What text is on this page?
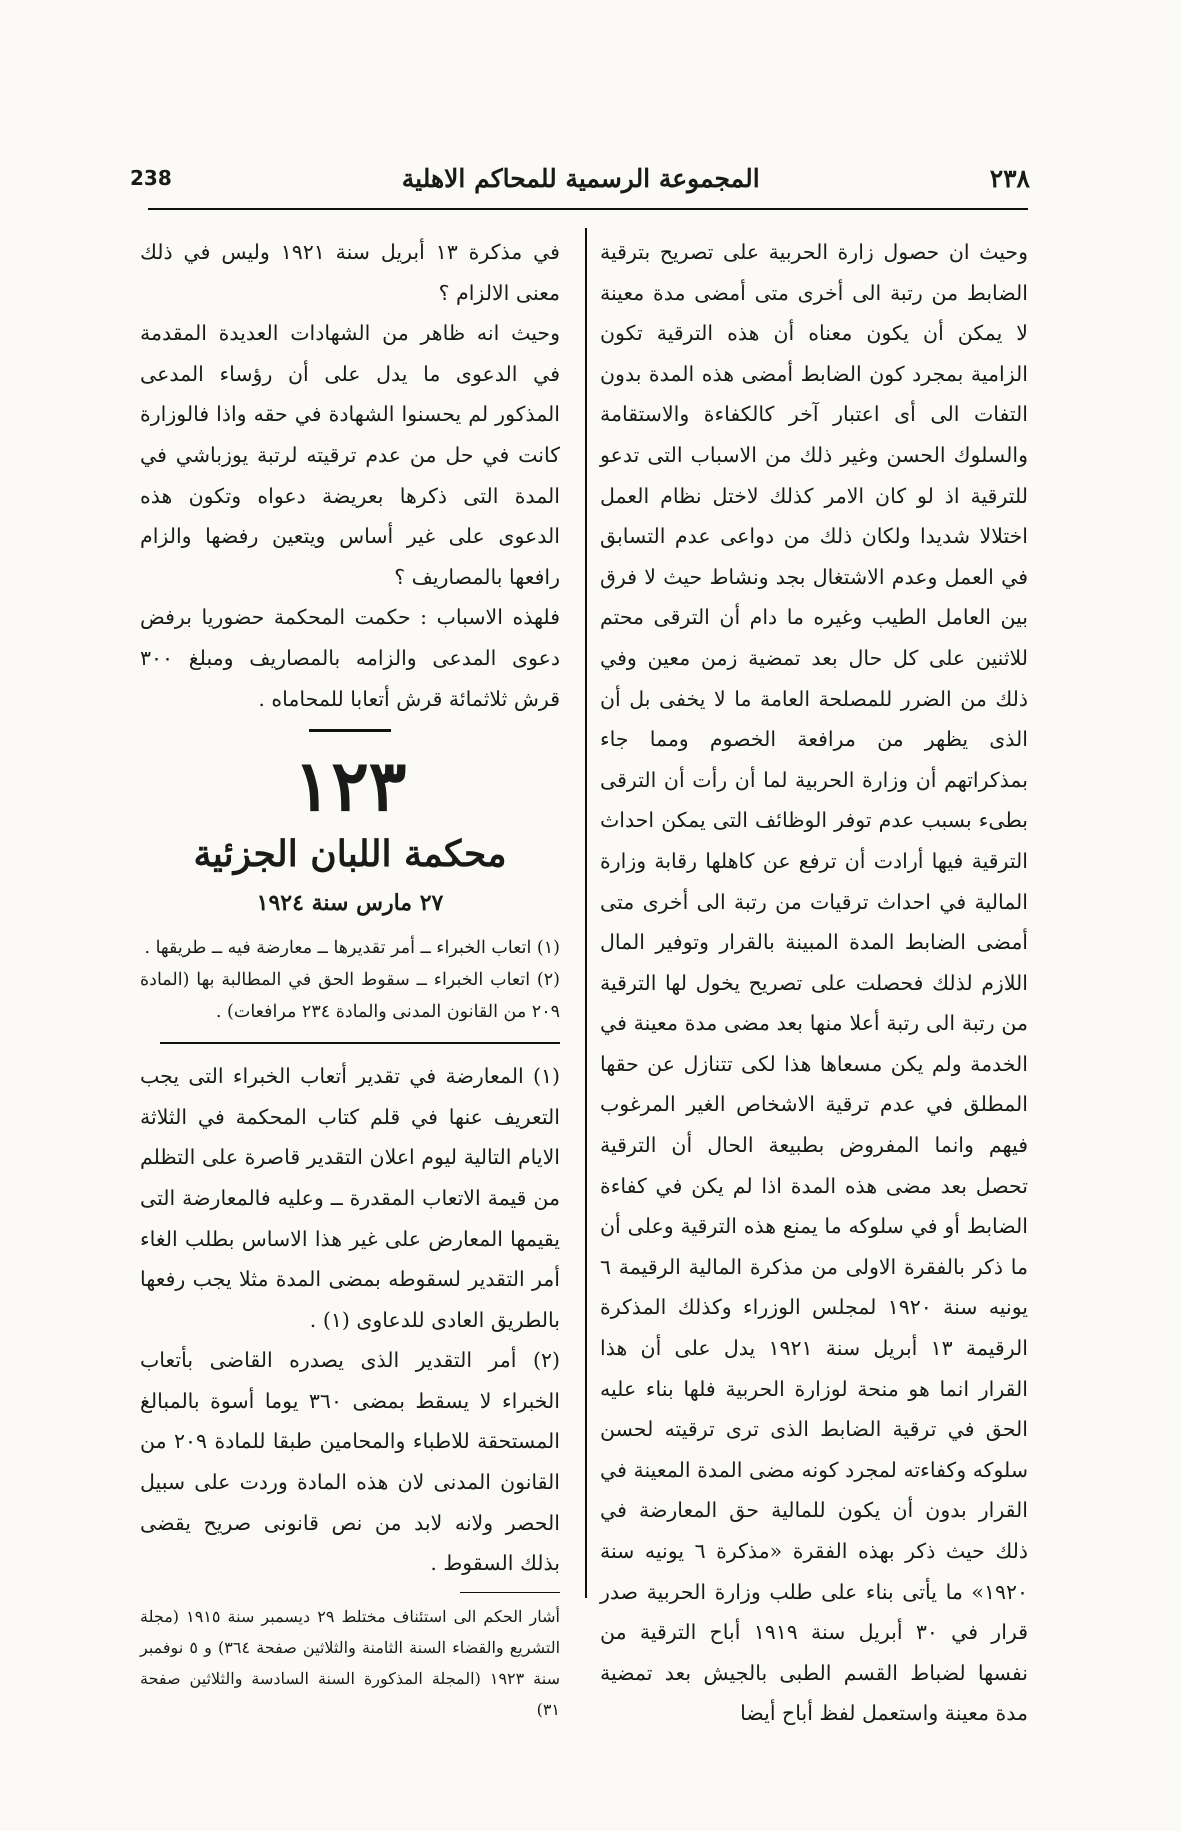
238	المجموعة الرسمية للمحاكم الاهلية	٢٣٨

وحيث ان حصول زارة الحربية على تصريح بترقية الضابط من رتبة الى أخرى متى أمضى مدة معينة لا يمكن أن يكون معناه أن هذه الترقية تكون الزامية بمجرد كون الضابط أمضى هذه المدة بدون التفات الى أى اعتبار آخر كالكفاءة والاستقامة والسلوك الحسن وغير ذلك من الاسباب التى تدعو للترقية اذ لو كان الامر كذلك لاختل نظام العمل اختلالا شديدا ولكان ذلك من دواعى عدم التسابق في العمل وعدم الاشتغال بجد ونشاط حيث لا فرق بين العامل الطيب وغيره ما دام أن الترقى محتم للاثنين على كل حال بعد تمضية زمن معين وفي ذلك من الضرر للمصلحة العامة ما لا يخفى بل أن الذى يظهر من مرافعة الخصوم ومما جاء بمذكراتهم أن وزارة الحربية لما أن رأت أن الترقى بطىء بسبب عدم توفر الوظائف التى يمكن احداث الترقية فيها أرادت أن ترفع عن كاهلها رقابة وزارة المالية في احداث ترقيات من رتبة الى أخرى متى أمضى الضابط المدة المبينة بالقرار وتوفير المال اللازم لذلك فحصلت على تصريح يخول لها الترقية من رتبة الى رتبة أعلا منها بعد مضى مدة معينة في الخدمة ولم يكن مسعاها هذا لكى تتنازل عن حقها المطلق في عدم ترقية الاشخاص الغير المرغوب فيهم وانما المفروض بطبيعة الحال أن الترقية تحصل بعد مضى هذه المدة اذا لم يكن في كفاءة الضابط أو في سلوكه ما يمنع هذه الترقية وعلى أن ما ذكر بالفقرة الاولى من مذكرة المالية الرقيمة ٦ يونيه سنة ١٩٢٠ لمجلس الوزراء وكذلك المذكرة الرقيمة ١٣ أبريل سنة ١٩٢١ يدل على أن هذا القرار انما هو منحة لوزارة الحربية فلها بناء عليه الحق في ترقية الضابط الذى ترى ترقيته لحسن سلوكه وكفاءته لمجرد كونه مضى المدة المعينة في القرار بدون أن يكون للمالية حق المعارضة في ذلك حيث ذكر بهذه الفقرة «مذكرة ٦ يونيه سنة ١٩٢٠» ما يأتى بناء على طلب وزارة الحربية صدر قرار في ٣٠ أبريل سنة ١٩١٩ أباح الترقية من نفسها لضباط القسم الطبى بالجيش بعد تمضية مدة معينة واستعمل لفظ أباح أيضا

في مذكرة ١٣ أبريل سنة ١٩٢١ وليس في ذلك معنى الالزام ؟

وحيث انه ظاهر من الشهادات العديدة المقدمة في الدعوى ما يدل على أن رؤساء المدعى المذكور لم يحسنوا الشهادة في حقه واذا فالوزارة كانت في حل من عدم ترقيته لرتبة يوزباشي في المدة التى ذكرها بعريضة دعواه وتكون هذه الدعوى على غير أساس ويتعين رفضها والزام رافعها بالمصاريف ؟

فلهذه الاسباب : حكمت المحكمة حضوريا برفض دعوى المدعى والزامه بالمصاريف ومبلغ ٣٠٠ قرش ثلاثمائة قرش أتعابا للمحاماه .

١٢٣
محكمة اللبان الجزئية
٢٧ مارس سنة ١٩٢٤

(١) اتعاب الخبراء ــ أمر تقديرها ــ معارضة فيه ــ طريقها .

(٢) اتعاب الخبراء ــ سقوط الحق في المطالبة بها (المادة ٢٠٩ من القانون المدنى والمادة ٢٣٤ مرافعات) .

(١) المعارضة في تقدير أتعاب الخبراء التى يجب التعريف عنها في قلم كتاب المحكمة في الثلاثة الايام التالية ليوم اعلان التقدير قاصرة على التظلم من قيمة الاتعاب المقدرة ــ وعليه فالمعارضة التى يقيمها المعارض على غير هذا الاساس بطلب الغاء أمر التقدير لسقوطه بمضى المدة مثلا يجب رفعها بالطريق العادى للدعاوى (١) .

(٢) أمر التقدير الذى يصدره القاضى بأتعاب الخبراء لا يسقط بمضى ٣٦٠ يوما أسوة بالمبالغ المستحقة للاطباء والمحامين طبقا للمادة ٢٠٩ من القانون المدنى لان هذه المادة وردت على سبيل الحصر ولانه لابد من نص قانونى صريح يقضى بذلك السقوط .

أشار الحكم الى استئناف مختلط ٢٩ ديسمبر سنة ١٩١٥ (مجلة التشريع والقضاء السنة الثامنة والثلاثين صفحة ٣٦٤) و ٥ نوفمبر سنة ١٩٢٣ (المجلة المذكورة السنة السادسة والثلاثين صفحة ٣١)
